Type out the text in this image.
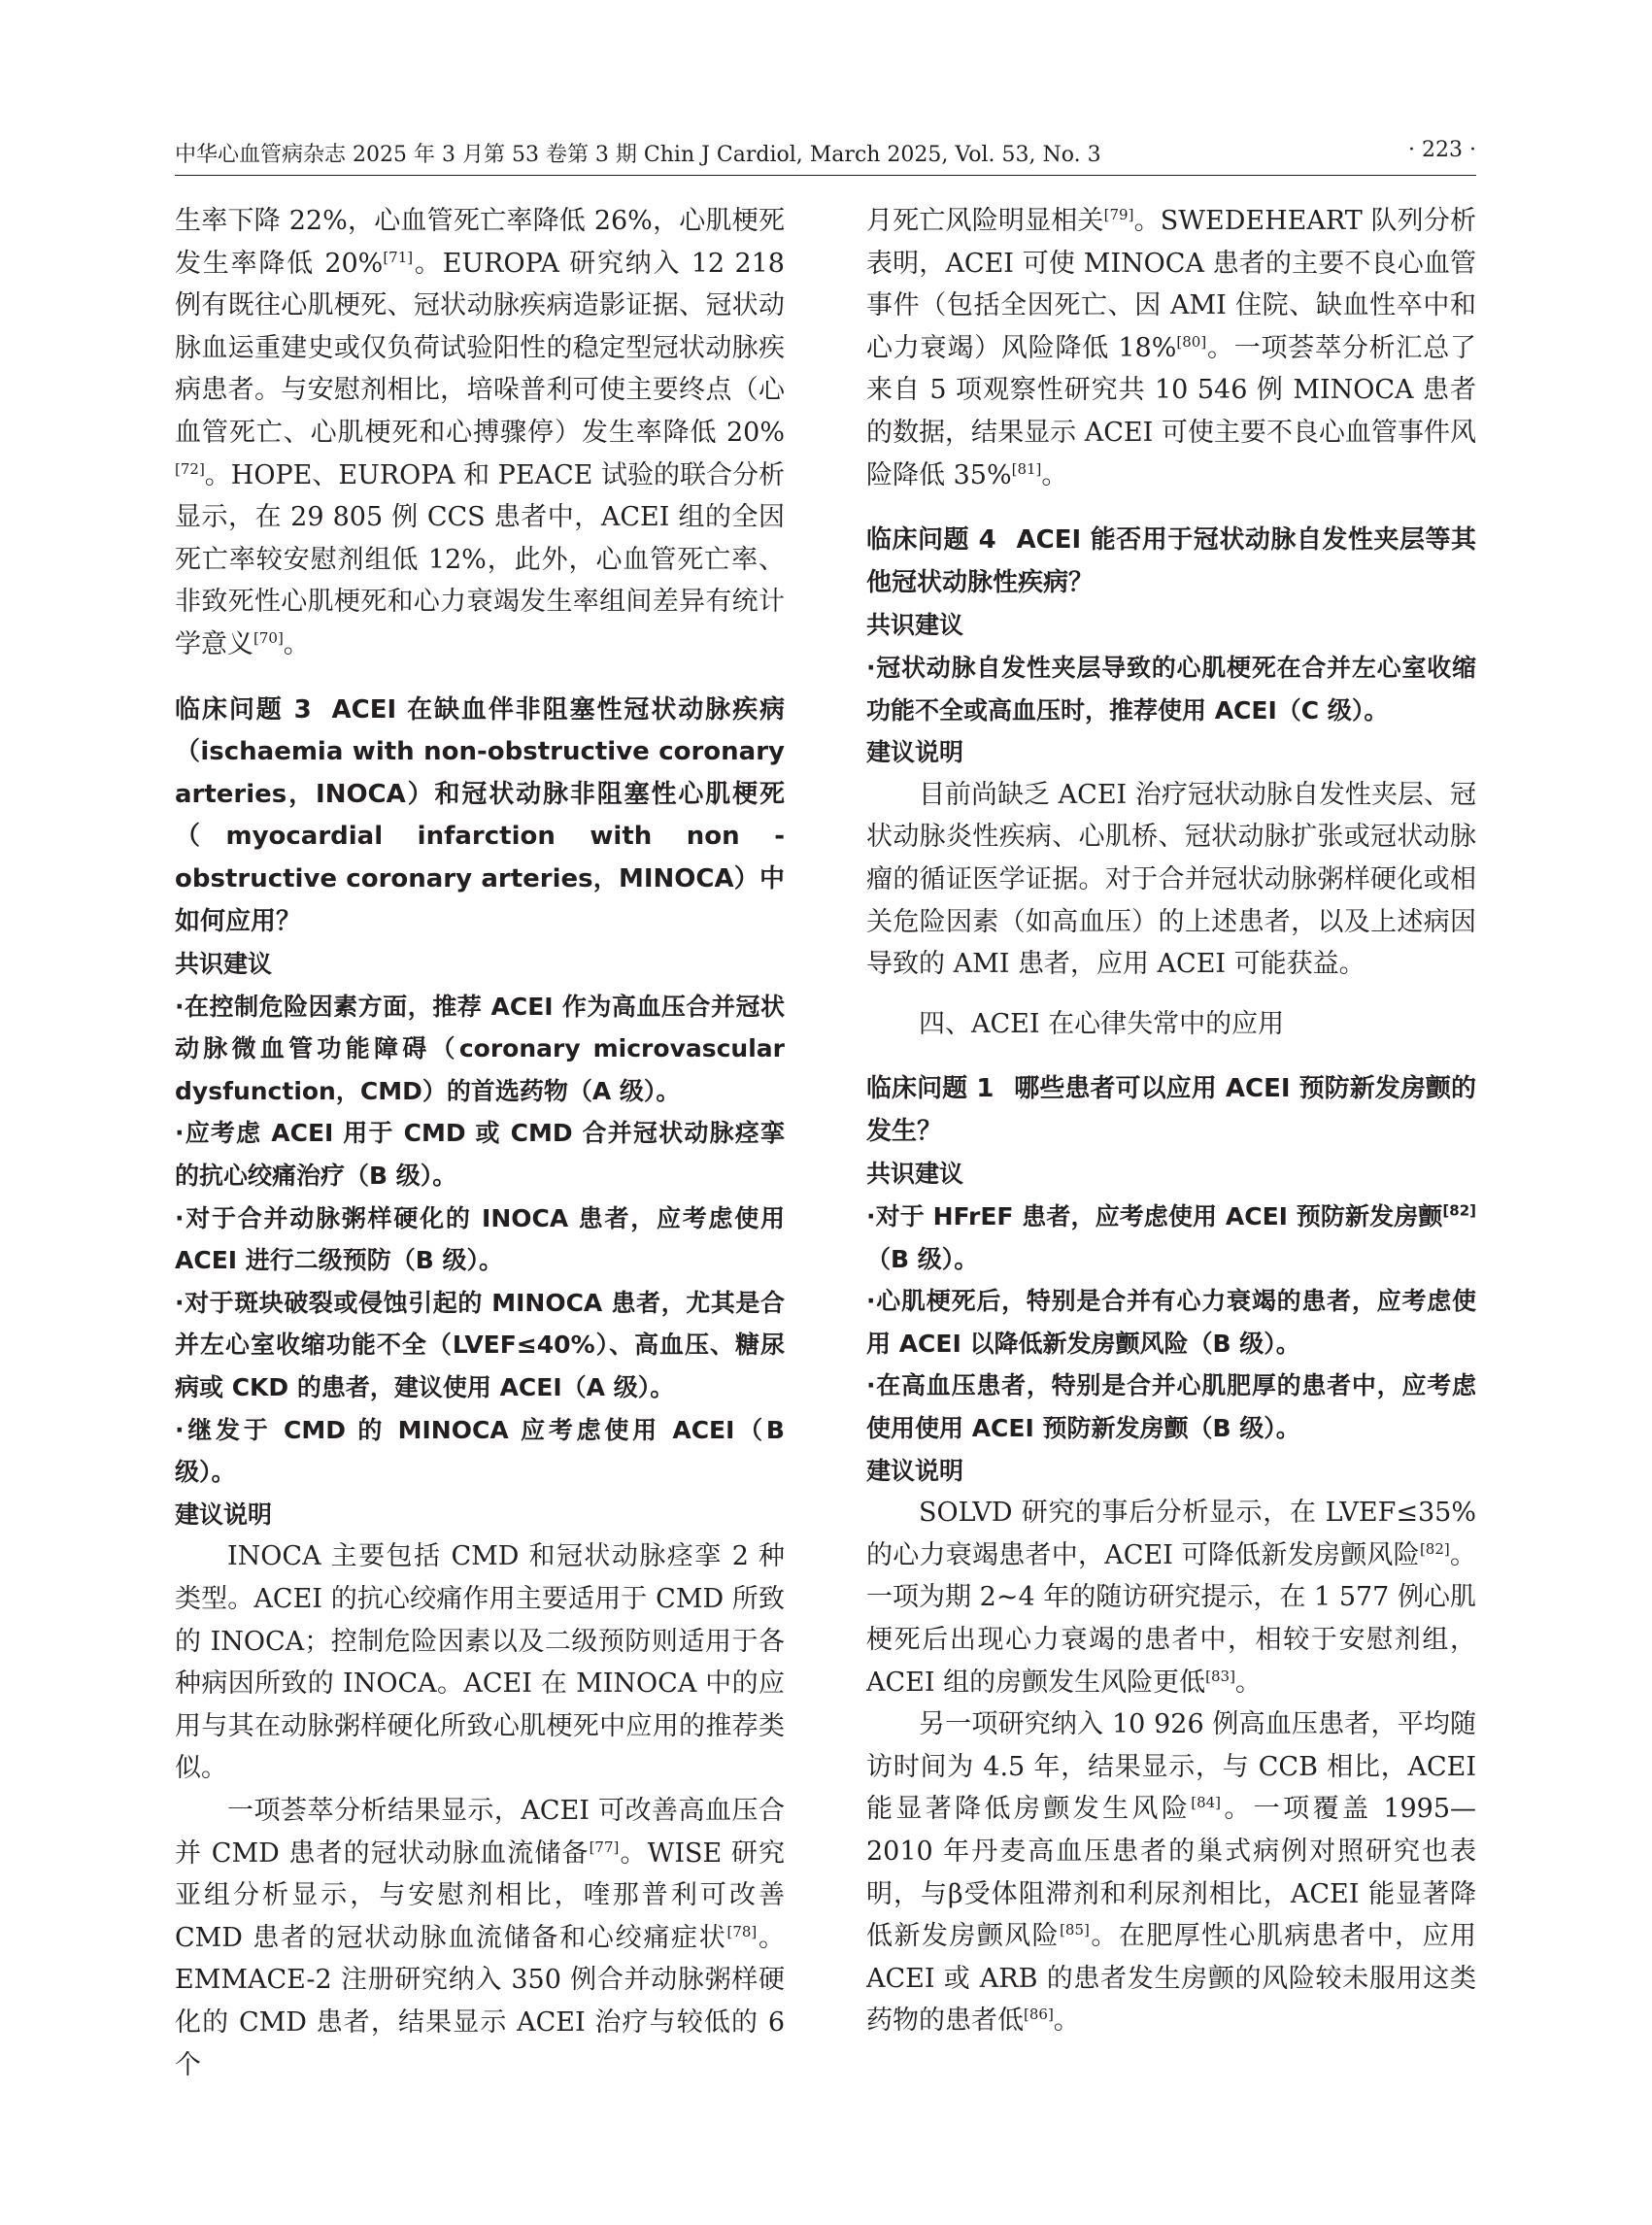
中华心血管病杂志 2025 年 3 月第 53 卷第 3 期 Chin J Cardiol, March 2025, Vol. 53, No. 3	· 223 ·

生率下降 22%，心血管死亡率降低 26%，心肌梗死发生率降低 20%[71]。EUROPA 研究纳入 12 218 例有既往心肌梗死、冠状动脉疾病造影证据、冠状动脉血运重建史或仅负荷试验阳性的稳定型冠状动脉疾病患者。与安慰剂相比，培哚普利可使主要终点（心血管死亡、心肌梗死和心搏骤停）发生率降低 20%[72]。HOPE、EUROPA 和 PEACE 试验的联合分析显示，在 29 805 例 CCS 患者中，ACEI 组的全因死亡率较安慰剂组低 12%，此外，心血管死亡率、非致死性心肌梗死和心力衰竭发生率组间差异有统计学意义[70]。

临床问题 3 ACEI 在缺血伴非阻塞性冠状动脉疾病（ischaemia with non-obstructive coronary arteries，INOCA）和冠状动脉非阻塞性心肌梗死（myocardial infarction with non - obstructive coronary arteries，MINOCA）中如何应用？

共识建议

·在控制危险因素方面，推荐 ACEI 作为高血压合并冠状动脉微血管功能障碍（coronary microvascular dysfunction，CMD）的首选药物（A 级）。

·应考虑 ACEI 用于 CMD 或 CMD 合并冠状动脉痉挛的抗心绞痛治疗（B 级）。

·对于合并动脉粥样硬化的 INOCA 患者，应考虑使用 ACEI 进行二级预防（B 级）。

·对于斑块破裂或侵蚀引起的 MINOCA 患者，尤其是合并左心室收缩功能不全（LVEF≤40%）、高血压、糖尿病或 CKD 的患者，建议使用 ACEI（A 级）。

·继发于 CMD 的 MINOCA 应考虑使用 ACEI（B 级）。

建议说明

INOCA 主要包括 CMD 和冠状动脉痉挛 2 种类型。ACEI 的抗心绞痛作用主要适用于 CMD 所致的 INOCA；控制危险因素以及二级预防则适用于各种病因所致的 INOCA。ACEI 在 MINOCA 中的应用与其在动脉粥样硬化所致心肌梗死中应用的推荐类似。

一项荟萃分析结果显示，ACEI 可改善高血压合并 CMD 患者的冠状动脉血流储备[77]。WISE 研究亚组分析显示，与安慰剂相比，喹那普利可改善 CMD 患者的冠状动脉血流储备和心绞痛症状[78]。EMMACE-2 注册研究纳入 350 例合并动脉粥样硬化的 CMD 患者，结果显示 ACEI 治疗与较低的 6 个

月死亡风险明显相关[79]。SWEDEHEART 队列分析表明，ACEI 可使 MINOCA 患者的主要不良心血管事件（包括全因死亡、因 AMI 住院、缺血性卒中和心力衰竭）风险降低 18%[80]。一项荟萃分析汇总了来自 5 项观察性研究共 10 546 例 MINOCA 患者的数据，结果显示 ACEI 可使主要不良心血管事件风险降低 35%[81]。

临床问题 4 ACEI 能否用于冠状动脉自发性夹层等其他冠状动脉性疾病？

共识建议

·冠状动脉自发性夹层导致的心肌梗死在合并左心室收缩功能不全或高血压时，推荐使用 ACEI（C 级）。

建议说明

目前尚缺乏 ACEI 治疗冠状动脉自发性夹层、冠状动脉炎性疾病、心肌桥、冠状动脉扩张或冠状动脉瘤的循证医学证据。对于合并冠状动脉粥样硬化或相关危险因素（如高血压）的上述患者，以及上述病因导致的 AMI 患者，应用 ACEI 可能获益。

四、ACEI 在心律失常中的应用

临床问题 1 哪些患者可以应用 ACEI 预防新发房颤的发生？

共识建议

·对于 HFrEF 患者，应考虑使用 ACEI 预防新发房颤[82]（B 级）。

·心肌梗死后，特别是合并有心力衰竭的患者，应考虑使用 ACEI 以降低新发房颤风险（B 级）。

·在高血压患者，特别是合并心肌肥厚的患者中，应考虑使用使用 ACEI 预防新发房颤（B 级）。

建议说明

SOLVD 研究的事后分析显示，在 LVEF≤35% 的心力衰竭患者中，ACEI 可降低新发房颤风险[82]。一项为期 2~4 年的随访研究提示，在 1 577 例心肌梗死后出现心力衰竭的患者中，相较于安慰剂组，ACEI 组的房颤发生风险更低[83]。

另一项研究纳入 10 926 例高血压患者，平均随访时间为 4.5 年，结果显示，与 CCB 相比，ACEI 能显著降低房颤发生风险[84]。一项覆盖 1995—2010 年丹麦高血压患者的巢式病例对照研究也表明，与β受体阻滞剂和利尿剂相比，ACEI 能显著降低新发房颤风险[85]。在肥厚性心肌病患者中，应用 ACEI 或 ARB 的患者发生房颤的风险较未服用这类药物的患者低[86]。
